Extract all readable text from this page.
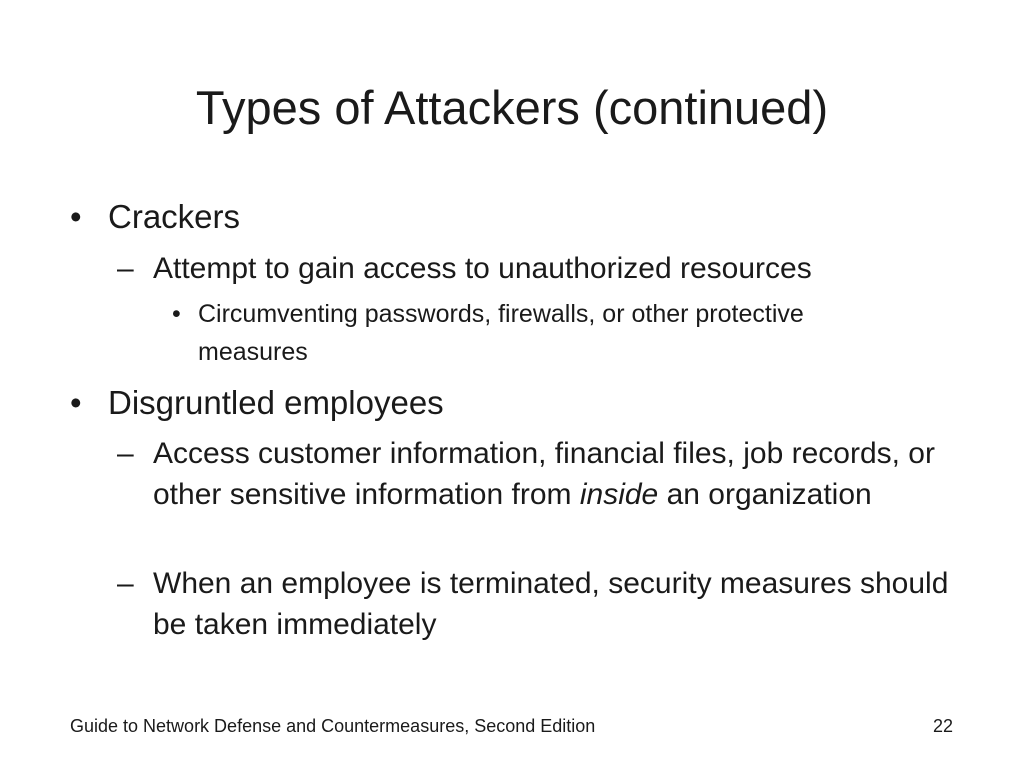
Types of Attackers (continued)
• Crackers
– Attempt to gain access to unauthorized resources
• Circumventing passwords, firewalls, or other protective measures
• Disgruntled employees
– Access customer information, financial files, job records, or other sensitive information from inside an organization
– When an employee is terminated, security measures should be taken immediately
Guide to Network Defense and Countermeasures, Second Edition	22
